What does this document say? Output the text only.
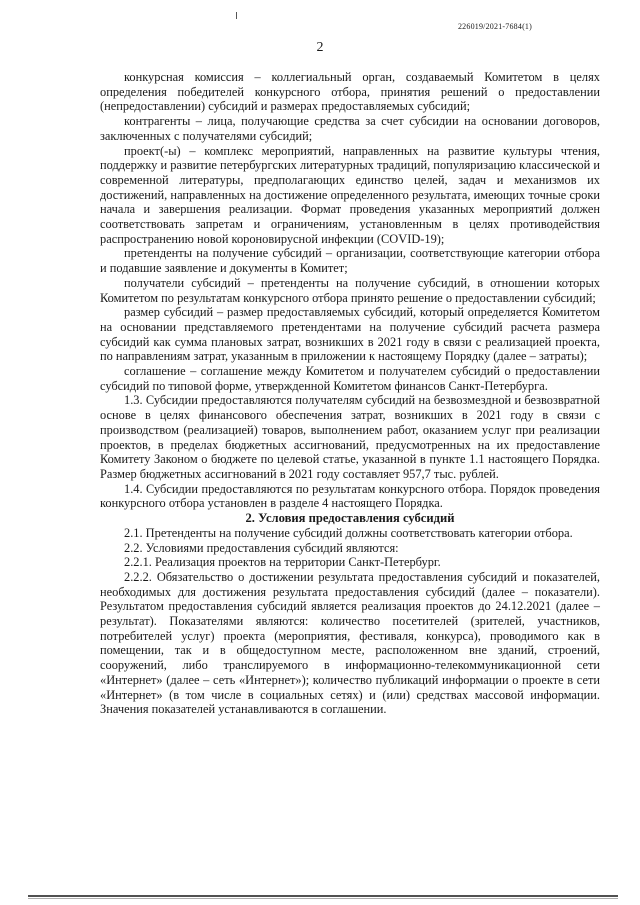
226019/2021-7684(1)
2

конкурсная комиссия – коллегиальный орган, создаваемый Комитетом в целях определения победителей конкурсного отбора, принятия решений о предоставлении (непредоставлении) субсидий и размерах предоставляемых субсидий;

контрагенты – лица, получающие средства за счет субсидии на основании договоров, заключенных с получателями субсидий;

проект(-ы) – комплекс мероприятий, направленных на развитие культуры чтения, поддержку и развитие петербургских литературных традиций, популяризацию классической и современной литературы, предполагающих единство целей, задач и механизмов их достижений, направленных на достижение определенного результата, имеющих точные сроки начала и завершения реализации. Формат проведения указанных мероприятий должен соответствовать запретам и ограничениям, установленным в целях противодействия распространению новой короновирусной инфекции (COVID-19);

претенденты на получение субсидий – организации, соответствующие категории отбора и подавшие заявление и документы в Комитет;

получатели субсидий – претенденты на получение субсидий, в отношении которых Комитетом по результатам конкурсного отбора принято решение о предоставлении субсидий;

размер субсидий – размер предоставляемых субсидий, который определяется Комитетом на основании представляемого претендентами на получение субсидий расчета размера субсидий как сумма плановых затрат, возникших в 2021 году в связи с реализацией проекта, по направлениям затрат, указанным в приложении к настоящему Порядку (далее – затраты);

соглашение – соглашение между Комитетом и получателем субсидий о предоставлении субсидий по типовой форме, утвержденной Комитетом финансов Санкт-Петербурга.

1.3. Субсидии предоставляются получателям субсидий на безвозмездной и безвозвратной основе в целях финансового обеспечения затрат, возникших в 2021 году в связи с производством (реализацией) товаров, выполнением работ, оказанием услуг при реализации проектов, в пределах бюджетных ассигнований, предусмотренных на их предоставление Комитету Законом о бюджете по целевой статье, указанной в пункте 1.1 настоящего Порядка. Размер бюджетных ассигнований в 2021 году составляет 957,7 тыс. рублей.

1.4. Субсидии предоставляются по результатам конкурсного отбора. Порядок проведения конкурсного отбора установлен в разделе 4 настоящего Порядка.

2. Условия предоставления субсидий

2.1. Претенденты на получение субсидий должны соответствовать категории отбора.

2.2. Условиями предоставления субсидий являются:

2.2.1. Реализация проектов на территории Санкт-Петербург.

2.2.2. Обязательство о достижении результата предоставления субсидий и показателей, необходимых для достижения результата предоставления субсидий (далее – показатели). Результатом предоставления субсидий является реализация проектов до 24.12.2021 (далее – результат). Показателями являются: количество посетителей (зрителей, участников, потребителей услуг) проекта (мероприятия, фестиваля, конкурса), проводимого как в помещении, так и в общедоступном месте, расположенном вне зданий, строений, сооружений, либо транслируемого в информационно-телекоммуникационной сети «Интернет» (далее – сеть «Интернет»); количество публикаций информации о проекте в сети «Интернет» (в том числе в социальных сетях) и (или) средствах массовой информации. Значения показателей устанавливаются в соглашении.
